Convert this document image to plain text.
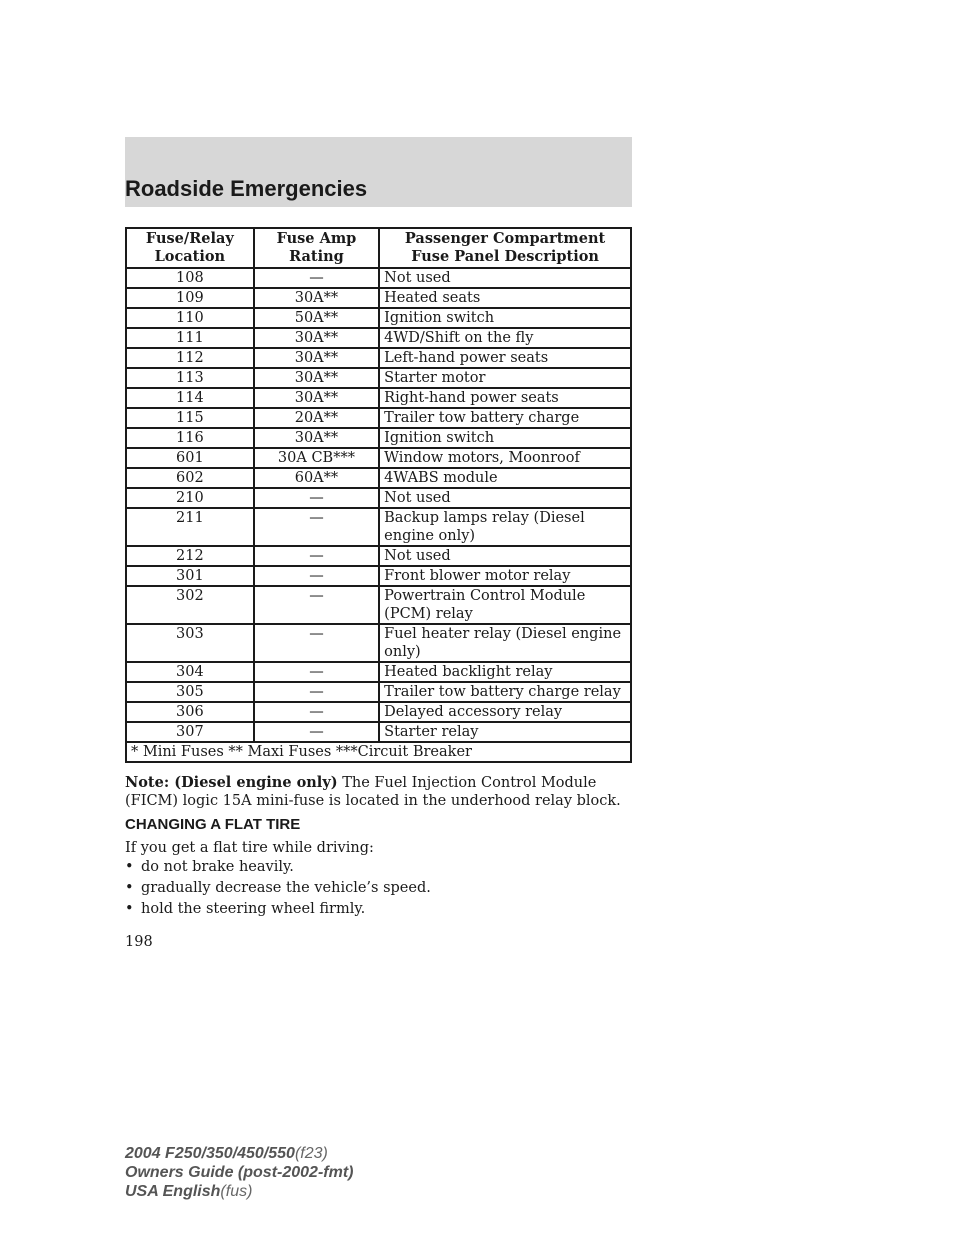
Roadside Emergencies
Fuse/Relay Location	Fuse Amp Rating	Passenger Compartment Fuse Panel Description
108	—	Not used
109	30A**	Heated seats
110	50A**	Ignition switch
111	30A**	4WD/Shift on the fly
112	30A**	Left-hand power seats
113	30A**	Starter motor
114	30A**	Right-hand power seats
115	20A**	Trailer tow battery charge
116	30A**	Ignition switch
601	30A CB***	Window motors, Moonroof
602	60A**	4WABS module
210	—	Not used
211	—	Backup lamps relay (Diesel engine only)
212	—	Not used
301	—	Front blower motor relay
302	—	Powertrain Control Module (PCM) relay
303	—	Fuel heater relay (Diesel engine only)
304	—	Heated backlight relay
305	—	Trailer tow battery charge relay
306	—	Delayed accessory relay
307	—	Starter relay
* Mini Fuses ** Maxi Fuses ***Circuit Breaker		
Note: (Diesel engine only) The Fuel Injection Control Module (FICM) logic 15A mini-fuse is located in the underhood relay block.
CHANGING A FLAT TIRE
If you get a flat tire while driving:
• do not brake heavily.
• gradually decrease the vehicle’s speed.
• hold the steering wheel firmly.
198
2004 F250/350/450/550(f23)
Owners Guide (post-2002-fmt)
USA English(fus)
